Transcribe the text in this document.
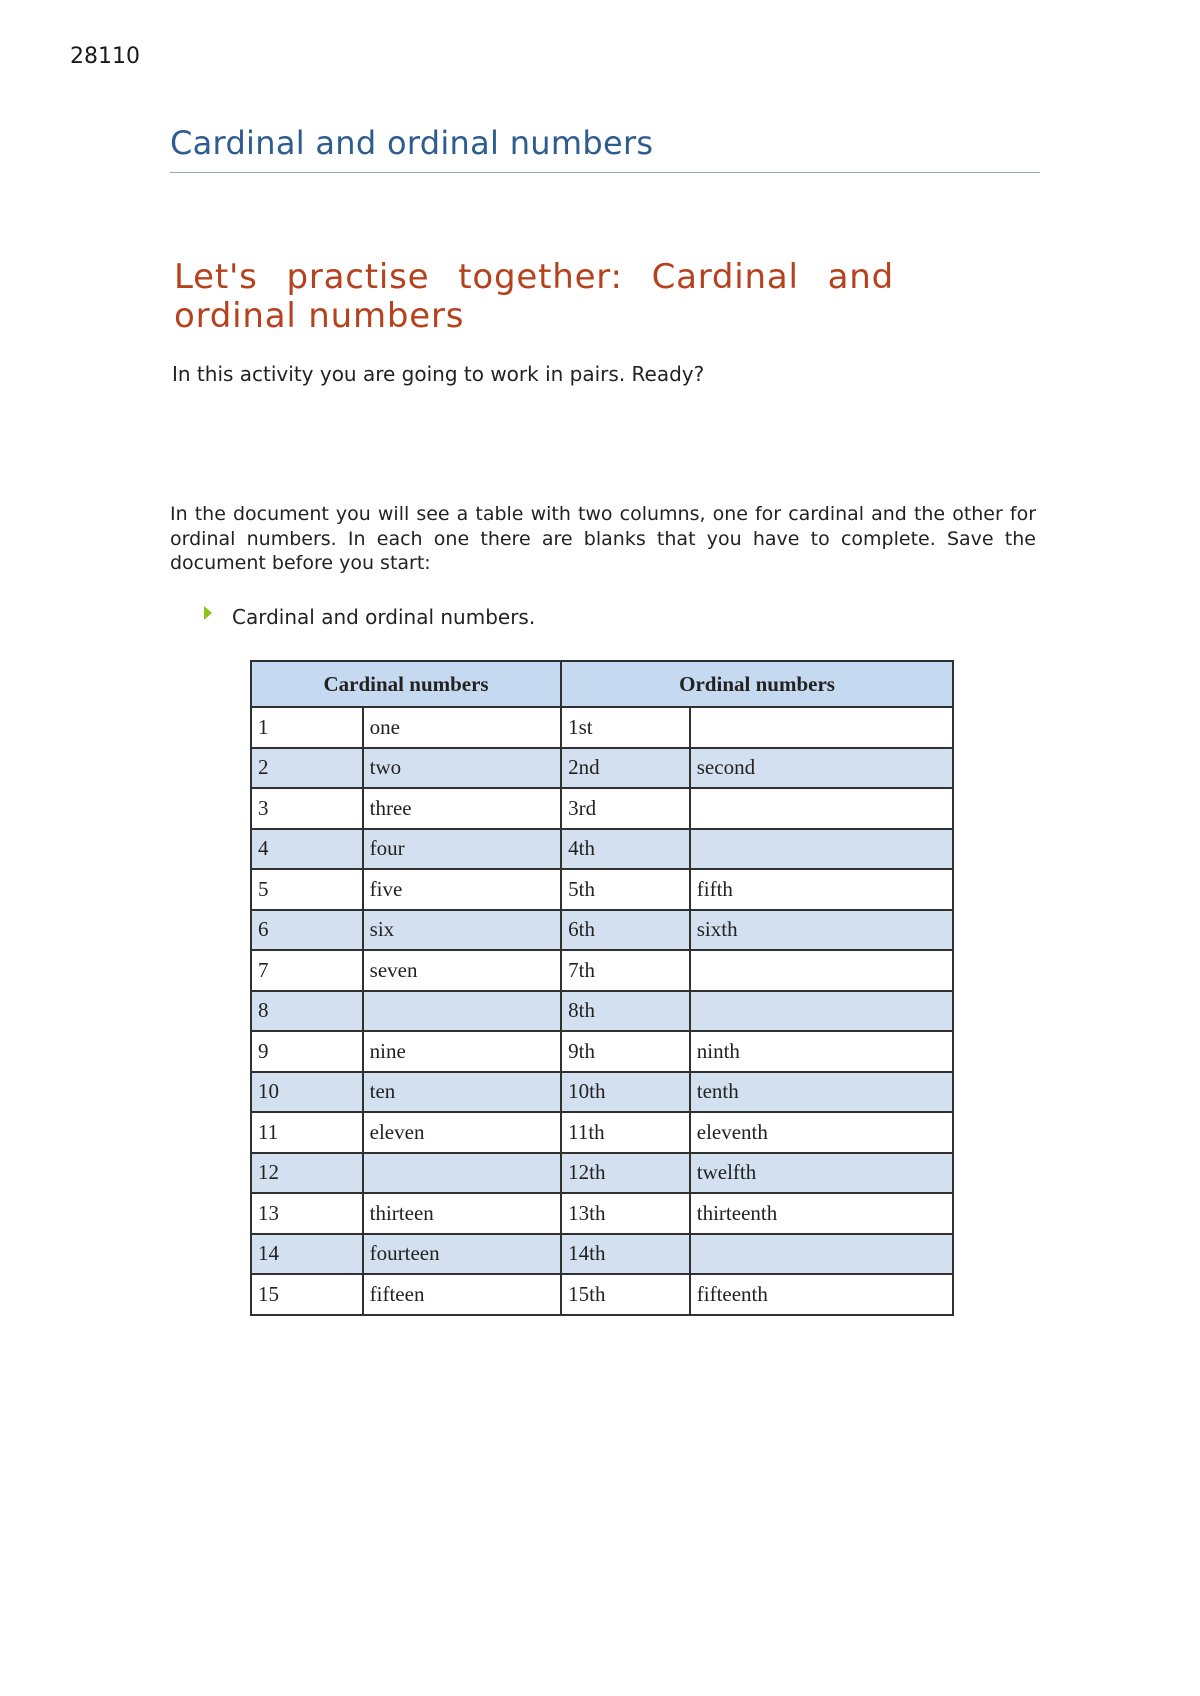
28110
Cardinal and ordinal numbers
Let's practise together: Cardinal and ordinal numbers
In this activity you are going to work in pairs. Ready?
In the document you will see a table with two columns, one for cardinal and the other for ordinal numbers. In each one there are blanks that you have to complete. Save the document before you start:
Cardinal and ordinal numbers.
Cardinal numbers		Ordinal numbers	
1	one	1st	
2	two	2nd	second
3	three	3rd	
4	four	4th	
5	five	5th	fifth
6	six	6th	sixth
7	seven	7th	
8		8th	
9	nine	9th	ninth
10	ten	10th	tenth
11	eleven	11th	eleventh
12		12th	twelfth
13	thirteen	13th	thirteenth
14	fourteen	14th	
15	fifteen	15th	fifteenth
